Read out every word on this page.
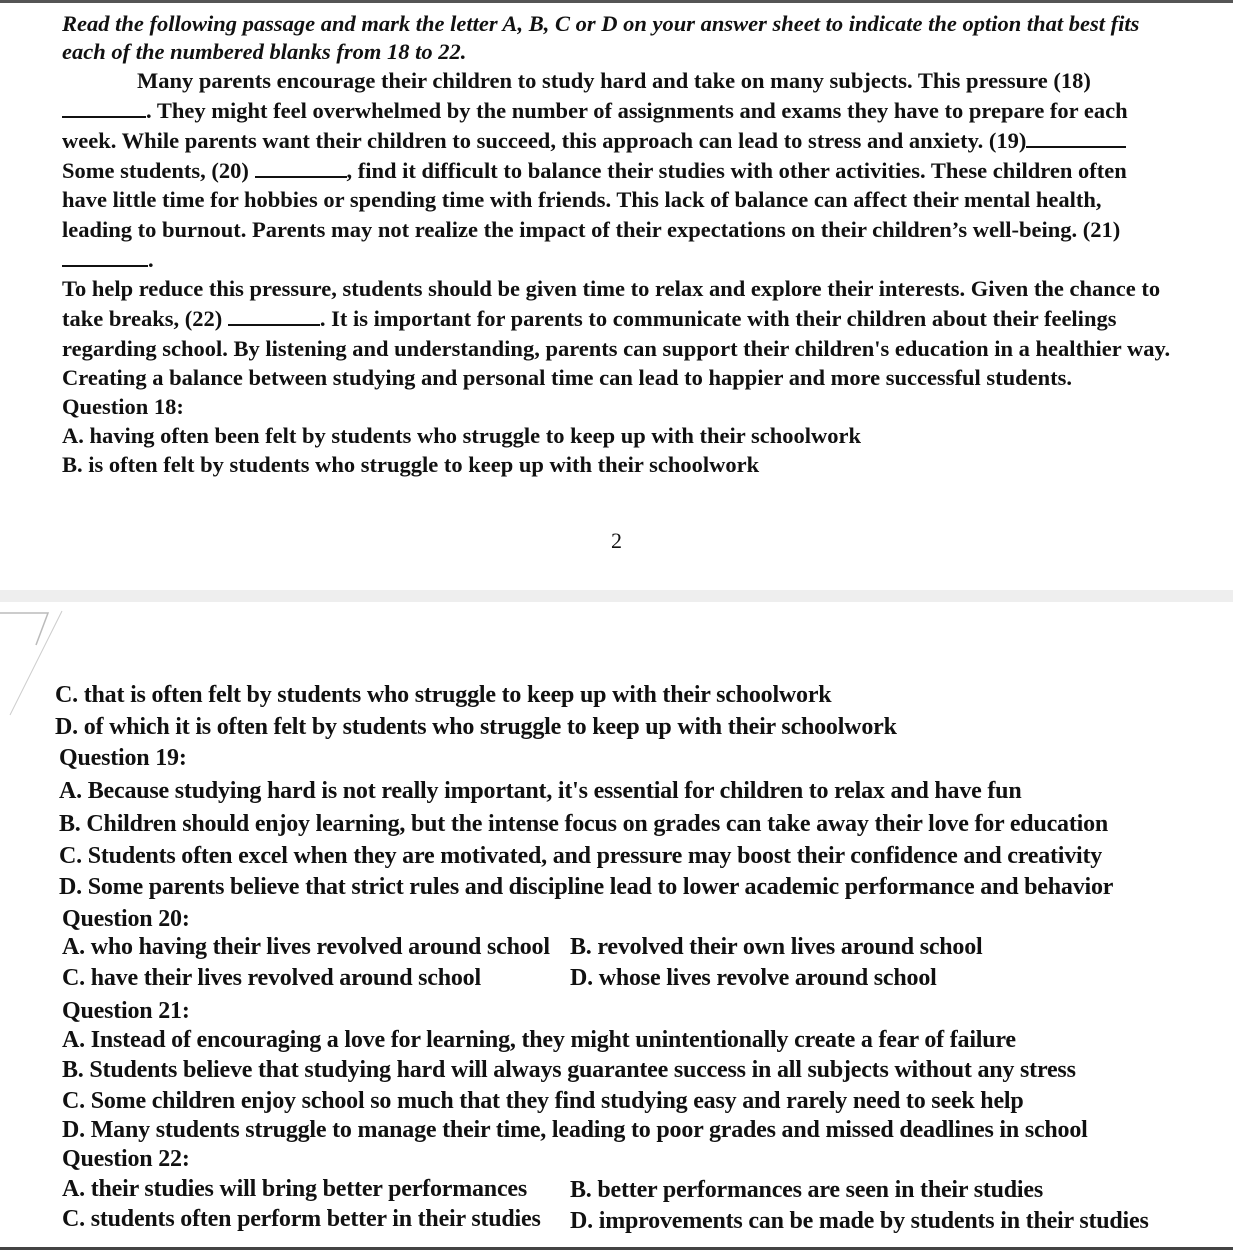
Read the following passage and mark the letter A, B, C or D on your answer sheet to indicate the option that best fits each of the numbered blanks from 18 to 22.
Many parents encourage their children to study hard and take on many subjects. This pressure (18)
. They might feel overwhelmed by the number of assignments and exams they have to prepare for each
week. While parents want their children to succeed, this approach can lead to stress and anxiety. (19)
Some students, (20)	, find it difficult to balance their studies with other activities. These children often
have little time for hobbies or spending time with friends. This lack of balance can affect their mental health,
leading to burnout. Parents may not realize the impact of their expectations on their children’s well-being. (21)
.
To help reduce this pressure, students should be given time to relax and explore their interests. Given the chance to
take breaks, (22)	. It is important for parents to communicate with their children about their feelings
regarding school. By listening and understanding, parents can support their children's education in a healthier way.
Creating a balance between studying and personal time can lead to happier and more successful students.
Question 18:
A. having often been felt by students who struggle to keep up with their schoolwork
B. is often felt by students who struggle to keep up with their schoolwork
2
C. that is often felt by students who struggle to keep up with their schoolwork
D. of which it is often felt by students who struggle to keep up with their schoolwork
Question 19:
A. Because studying hard is not really important, it's essential for children to relax and have fun
B. Children should enjoy learning, but the intense focus on grades can take away their love for education
C. Students often excel when they are motivated, and pressure may boost their confidence and creativity
D. Some parents believe that strict rules and discipline lead to lower academic performance and behavior
Question 20:
A. who having their lives revolved around school B. revolved their own lives around school
C. have their lives revolved around school	D. whose lives revolve around school
Question 21:
A. Instead of encouraging a love for learning, they might unintentionally create a fear of failure
B. Students believe that studying hard will always guarantee success in all subjects without any stress
C. Some children enjoy school so much that they find studying easy and rarely need to seek help
D. Many students struggle to manage their time, leading to poor grades and missed deadlines in school
Question 22:
A. their studies will bring better performances B. better performances are seen in their studies
C. students often perform better in their studies D. improvements can be made by students in their studies
